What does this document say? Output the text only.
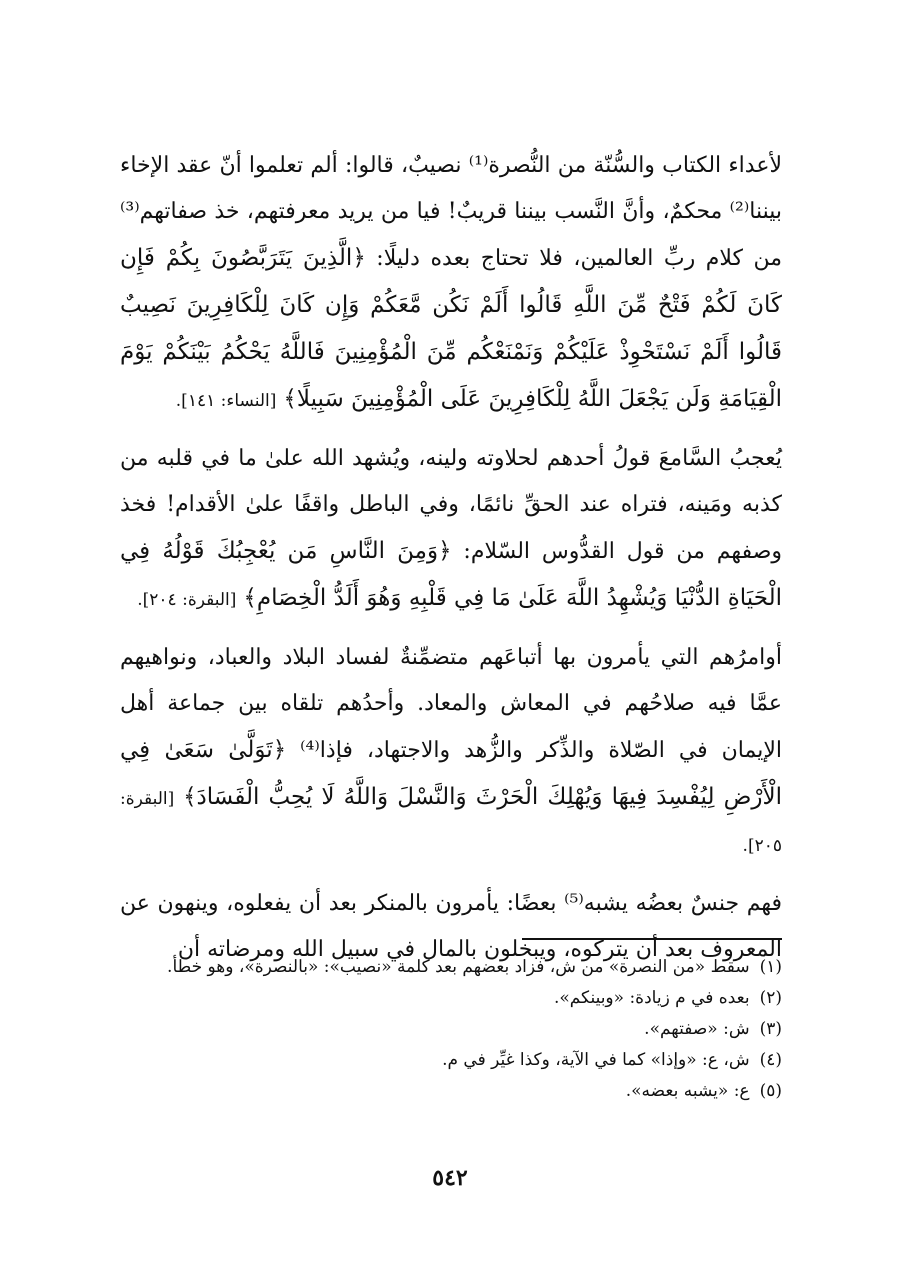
لأعداء الكتاب والسُّنّة من النُّصرة⁽¹⁾ نصيبٌ، قالوا: ألم تعلموا أنّ عقد الإخاء بيننا⁽²⁾ محكمٌ، وأنَّ النَّسب بيننا قريبٌ! فيا من يريد معرفتهم، خذ صفاتهم⁽³⁾ من كلام ربِّ العالمين، فلا تحتاج بعده دليلًا: ﴿الَّذِينَ يَتَرَبَّصُونَ بِكُمْ فَإِن كَانَ لَكُمْ فَتْحٌ مِّنَ اللَّهِ قَالُوا أَلَمْ نَكُن مَّعَكُمْ وَإِن كَانَ لِلْكَافِرِينَ نَصِيبٌ قَالُوا أَلَمْ نَسْتَحْوِذْ عَلَيْكُمْ وَنَمْنَعْكُم مِّنَ الْمُؤْمِنِينَ فَاللَّهُ يَحْكُمُ بَيْنَكُمْ يَوْمَ الْقِيَامَةِ وَلَن يَجْعَلَ اللَّهُ لِلْكَافِرِينَ عَلَى الْمُؤْمِنِينَ سَبِيلًا﴾ [النساء: ١٤١].

يُعجبُ السَّامعَ قولُ أحدهم لحلاوته ولينه، ويُشهد الله علىٰ ما في قلبه من كذبه ومَينه، فتراه عند الحقِّ نائمًا، وفي الباطل واقفًا علىٰ الأقدام! فخذ وصفهم من قول القدُّوس السّلام: ﴿وَمِنَ النَّاسِ مَن يُعْجِبُكَ قَوْلُهُ فِي الْحَيَاةِ الدُّنْيَا وَيُشْهِدُ اللَّهَ عَلَىٰ مَا فِي قَلْبِهِ وَهُوَ أَلَدُّ الْخِصَامِ﴾ [البقرة: ٢٠٤].

أوامرُهم التي يأمرون بها أتباعَهم متضمِّنةٌ لفساد البلاد والعباد، ونواهيهم عمَّا فيه صلاحُهم في المعاش والمعاد. وأحدُهم تلقاه بين جماعة أهل الإيمان في الصّلاة والذِّكر والزُّهد والاجتهاد، فإذا⁽⁴⁾ ﴿تَوَلَّىٰ سَعَىٰ فِي الْأَرْضِ لِيُفْسِدَ فِيهَا وَيُهْلِكَ الْحَرْثَ وَالنَّسْلَ وَاللَّهُ لَا يُحِبُّ الْفَسَادَ﴾ [البقرة: ٢٠٥].

فهم جنسٌ بعضُه يشبه⁽⁵⁾ بعضًا: يأمرون بالمنكر بعد أن يفعلوه، وينهون عن المعروف بعد أن يتركوه، ويبخلون بالمال في سبيل الله ومرضاته أن

(١)سقط «من النصرة» من ش، فزاد بعضهم بعد كلمة «نصيب»: «بالنصرة»، وهو خطأ.

(٢)بعده في م زيادة: «وبينكم».

(٣)ش: «صفتهم».

(٤)ش، ع: «وإذا» كما في الآية، وكذا غيِّر في م.

(٥)ع: «يشبه بعضه».

٥٤٢
